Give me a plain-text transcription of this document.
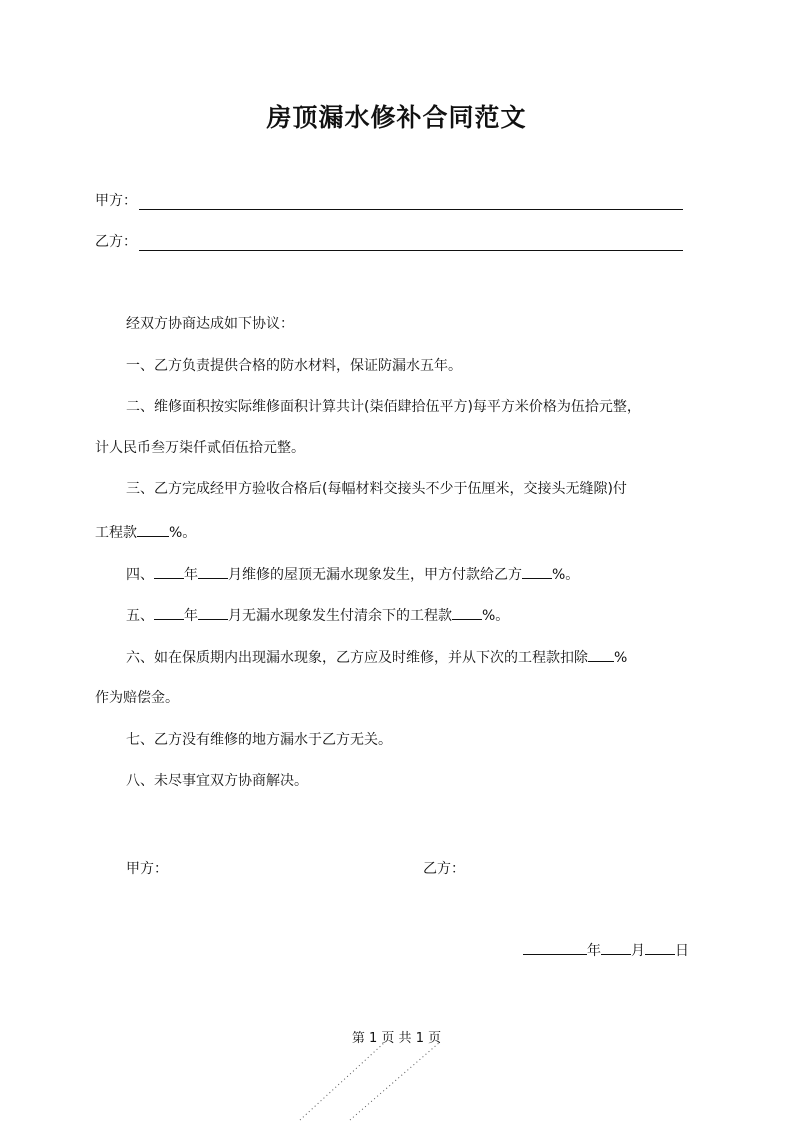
房顶漏水修补合同范文
甲方：
乙方：
经双方协商达成如下协议：
一、乙方负责提供合格的防水材料，保证防漏水五年。
二、维修面积按实际维修面积计算共计(柒佰肆拾伍平方)每平方米价格为伍拾元整，
计人民币叁万柒仟贰佰伍拾元整。
三、乙方完成经甲方验收合格后(每幅材料交接头不少于伍厘米，交接头无缝隙)付
工程款 %。
四、 年 月维修的屋顶无漏水现象发生，甲方付款给乙方 %。
五、 年 月无漏水现象发生付清余下的工程款 %。
六、如在保质期内出现漏水现象，乙方应及时维修，并从下次的工程款扣除 %
作为赔偿金。
七、乙方没有维修的地方漏水于乙方无关。
八、未尽事宜双方协商解决。
甲方：	乙方：
年 月 日
第 1 页 共 1 页
